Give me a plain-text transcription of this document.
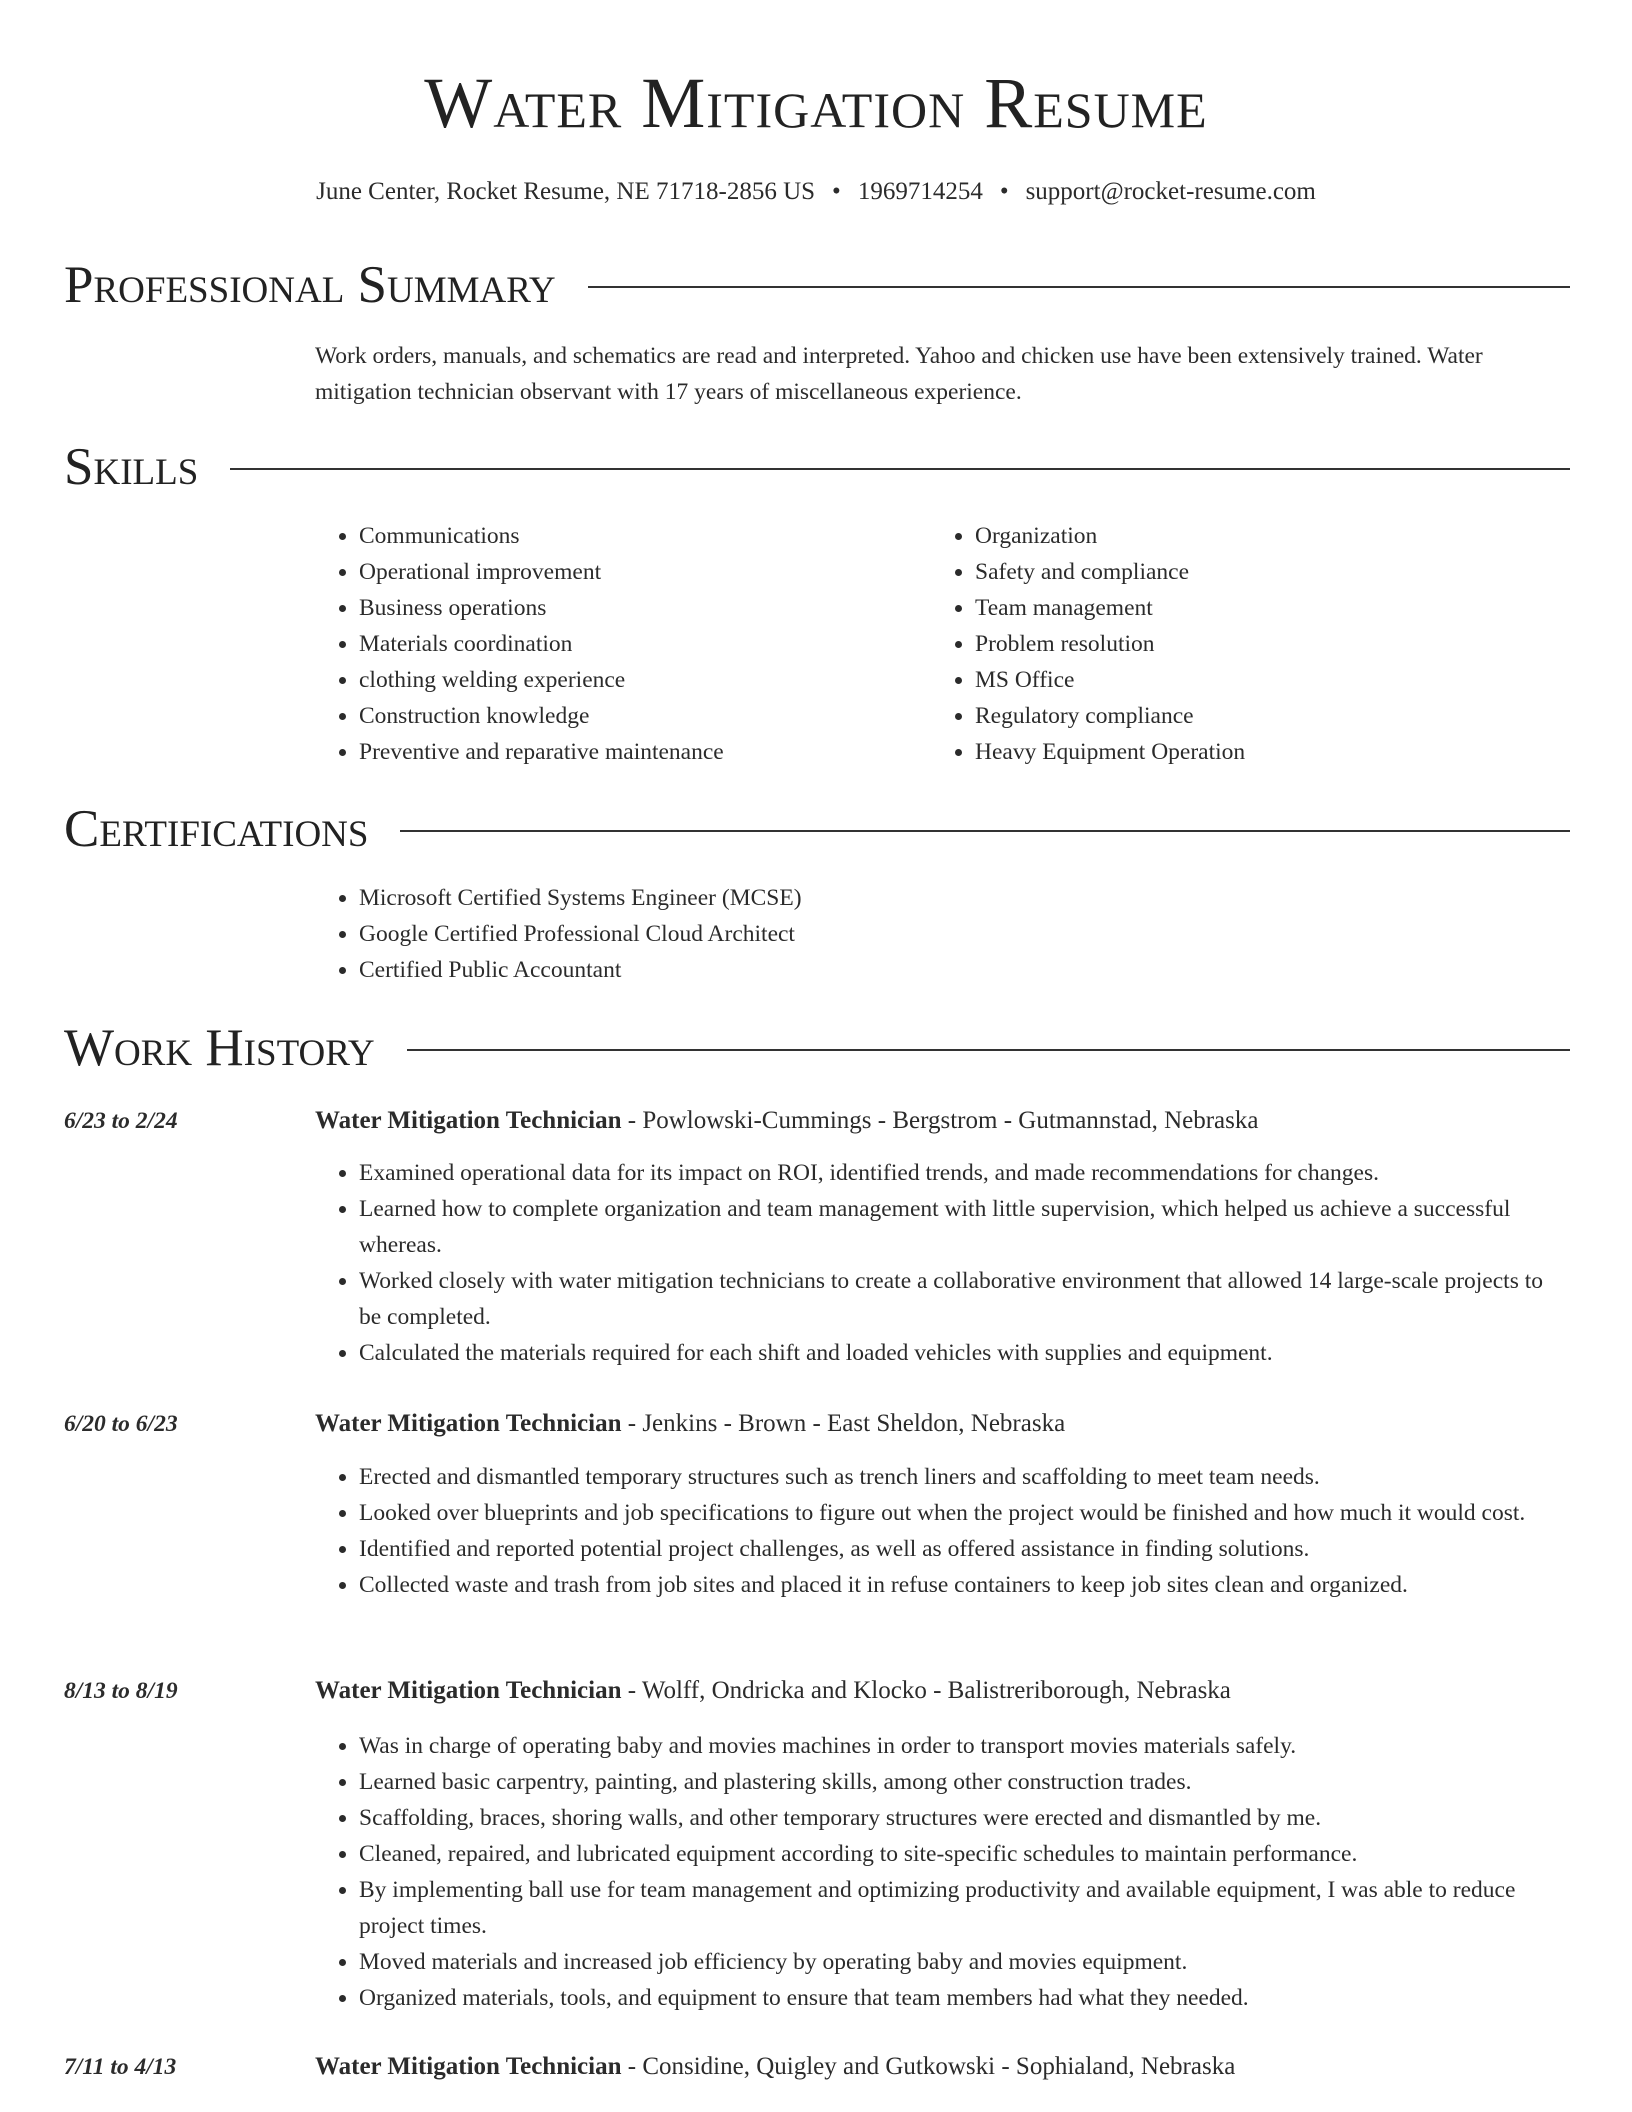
Water Mitigation Resume
June Center, Rocket Resume, NE 71718-2856 US • 1969714254 • support@rocket-resume.com
Professional Summary
Work orders, manuals, and schematics are read and interpreted. Yahoo and chicken use have been extensively trained. Water mitigation technician observant with 17 years of miscellaneous experience.
Skills
• Communications
• Operational improvement
• Business operations
• Materials coordination
• clothing welding experience
• Construction knowledge
• Preventive and reparative maintenance
• Organization
• Safety and compliance
• Team management
• Problem resolution
• MS Office
• Regulatory compliance
• Heavy Equipment Operation
Certifications
• Microsoft Certified Systems Engineer (MCSE)
• Google Certified Professional Cloud Architect
• Certified Public Accountant
Work History
6/23 to 2/24	Water Mitigation Technician - Powlowski-Cummings - Bergstrom - Gutmannstad, Nebraska
• Examined operational data for its impact on ROI, identified trends, and made recommendations for changes.
• Learned how to complete organization and team management with little supervision, which helped us achieve a successful whereas.
• Worked closely with water mitigation technicians to create a collaborative environment that allowed 14 large-scale projects to be completed.
• Calculated the materials required for each shift and loaded vehicles with supplies and equipment.
6/20 to 6/23	Water Mitigation Technician - Jenkins - Brown - East Sheldon, Nebraska
• Erected and dismantled temporary structures such as trench liners and scaffolding to meet team needs.
• Looked over blueprints and job specifications to figure out when the project would be finished and how much it would cost.
• Identified and reported potential project challenges, as well as offered assistance in finding solutions.
• Collected waste and trash from job sites and placed it in refuse containers to keep job sites clean and organized.
8/13 to 8/19	Water Mitigation Technician - Wolff, Ondricka and Klocko - Balistreriborough, Nebraska
• Was in charge of operating baby and movies machines in order to transport movies materials safely.
• Learned basic carpentry, painting, and plastering skills, among other construction trades.
• Scaffolding, braces, shoring walls, and other temporary structures were erected and dismantled by me.
• Cleaned, repaired, and lubricated equipment according to site-specific schedules to maintain performance.
• By implementing ball use for team management and optimizing productivity and available equipment, I was able to reduce project times.
• Moved materials and increased job efficiency by operating baby and movies equipment.
• Organized materials, tools, and equipment to ensure that team members had what they needed.
7/11 to 4/13	Water Mitigation Technician - Considine, Quigley and Gutkowski - Sophialand, Nebraska
